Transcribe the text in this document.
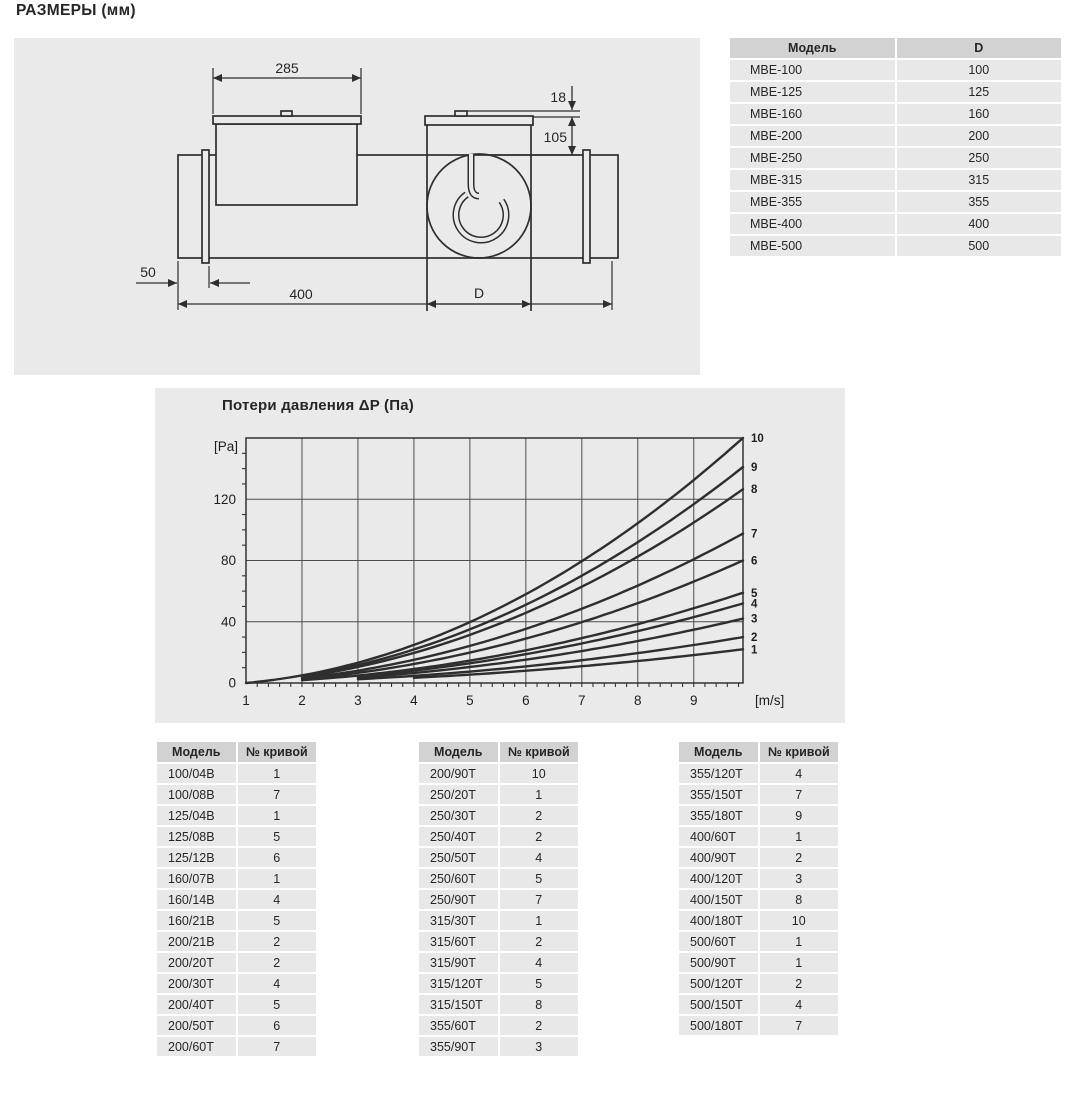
РАЗМЕРЫ (мм)
285
50
400
18
105
D
Модель	D
МВЕ-100	100
МВЕ-125	125
МВЕ-160	160
МВЕ-200	200
МВЕ-250	250
МВЕ-315	315
МВЕ-355	355
МВЕ-400	400
МВЕ-500	500
1	2	3	4	5	6	7	8	9	[m/s]
0
40
80
120
[Pa]
1
2
3
4
5
6
7
8
9
10
Потери давления ΔP (Па)
Модель	№ кривой
100/04В	1
100/08В	7
125/04В	1
125/08В	5
125/12В	6
160/07В	1
160/14В	4
160/21В	5
200/21В	2
200/20Т	2
200/30Т	4
200/40Т	5
200/50Т	6
200/60Т	7
Модель	№ кривой
200/90Т	10
250/20Т	1
250/30Т	2
250/40Т	2
250/50Т	4
250/60Т	5
250/90Т	7
315/30Т	1
315/60Т	2
315/90Т	4
315/120Т	5
315/150Т	8
355/60Т	2
355/90Т	3
Модель	№ кривой
355/120Т	4
355/150Т	7
355/180Т	9
400/60Т	1
400/90Т	2
400/120Т	3
400/150Т	8
400/180Т	10
500/60Т	1
500/90Т	1
500/120Т	2
500/150Т	4
500/180Т	7
